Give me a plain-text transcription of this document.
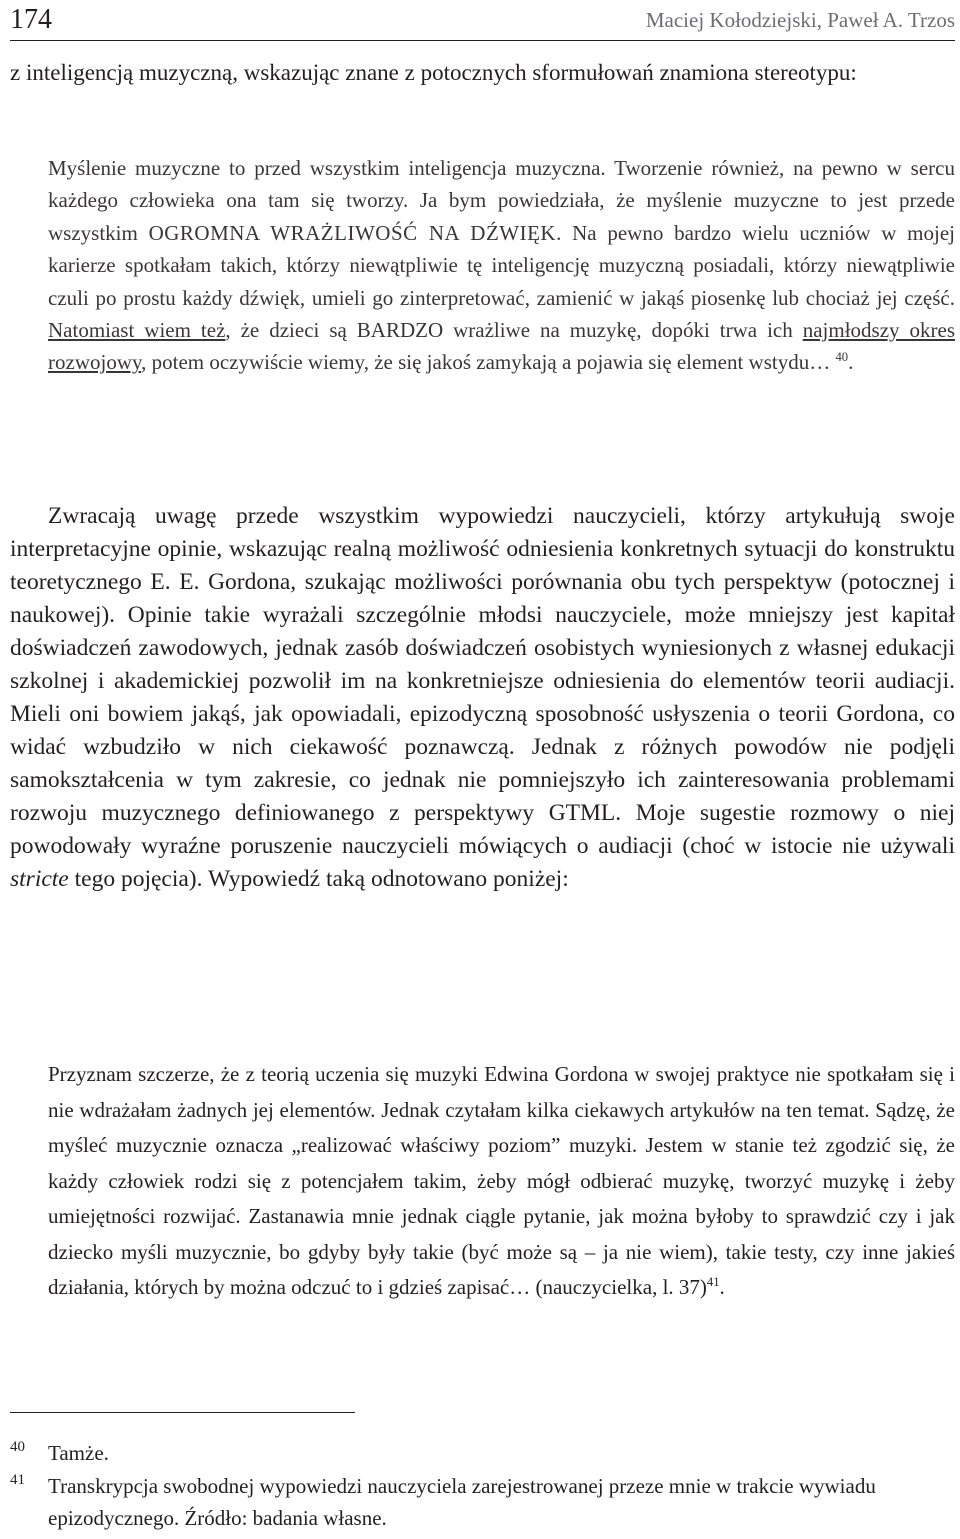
174	Maciej Kołodziejski, Paweł A. Trzos

z inteligencją muzyczną, wskazując znane z potocznych sformułowań znamiona stereotypu:

Myślenie muzyczne to przed wszystkim inteligencja muzyczna. Tworzenie również, na pewno w sercu każdego człowieka ona tam się tworzy. Ja bym powiedziała, że myślenie muzyczne to jest przede wszystkim OGROMNA WRAŻLIWOŚĆ NA DŹWIĘK. Na pewno bardzo wielu uczniów w mojej karierze spotkałam takich, którzy niewątpliwie tę inteligencję muzyczną posiadali, którzy niewątpliwie czuli po prostu każdy dźwięk, umieli go zinterpretować, zamienić w jakąś piosenkę lub chociaż jej część. Natomiast wiem też, że dzieci są BARDZO wrażliwe na muzykę, dopóki trwa ich najmłodszy okres rozwojowy, potem oczywiście wiemy, że się jakoś zamykają a pojawia się element wstydu… $^{40}$.

Zwracają uwagę przede wszystkim wypowiedzi nauczycieli, którzy artykułują swoje interpretacyjne opinie, wskazując realną możliwość odniesienia konkretnych sytuacji do konstruktu teoretycznego E. E. Gordona, szukając możliwości porównania obu tych perspektyw (potocznej i naukowej). Opinie takie wyrażali szczególnie młodsi nauczyciele, może mniejszy jest kapitał doświadczeń zawodowych, jednak zasób doświadczeń osobistych wyniesionych z własnej edukacji szkolnej i akademickiej pozwolił im na konkretniejsze odniesienia do elementów teorii audiacji. Mieli oni bowiem jakąś, jak opowiadali, epizodyczną sposobność usłyszenia o teorii Gordona, co widać wzbudziło w nich ciekawość poznawczą. Jednak z różnych powodów nie podjęli samokształcenia w tym zakresie, co jednak nie pomniejszyło ich zainteresowania problemami rozwoju muzycznego definiowanego z perspektywy GTML. Moje sugestie rozmowy o niej powodowały wyraźne poruszenie nauczycieli mówiących o audiacji (choć w istocie nie używali stricte tego pojęcia). Wypowiedź taką odnotowano poniżej:

Przyznam szczerze, że z teorią uczenia się muzyki Edwina Gordona w swojej praktyce nie spotkałam się i nie wdrażałam żadnych jej elementów. Jednak czytałam kilka ciekawych artykułów na ten temat. Sądzę, że myśleć muzycznie oznacza „realizować właściwy poziom” muzyki. Jestem w stanie też zgodzić się, że każdy człowiek rodzi się z potencjałem takim, żeby mógł odbierać muzykę, tworzyć muzykę i żeby umiejętności rozwijać. Zastanawia mnie jednak ciągle pytanie, jak można byłoby to sprawdzić czy i jak dziecko myśli muzycznie, bo gdyby były takie (być może są – ja nie wiem), takie testy, czy inne jakieś działania, których by można odczuć to i gdzieś zapisać… (nauczycielka, l. 37)$^{41}$.

40 Tamże.
41 Transkrypcja swobodnej wypowiedzi nauczyciela zarejestrowanej przeze mnie w trakcie wywiadu epizodycznego. Źródło: badania własne.
